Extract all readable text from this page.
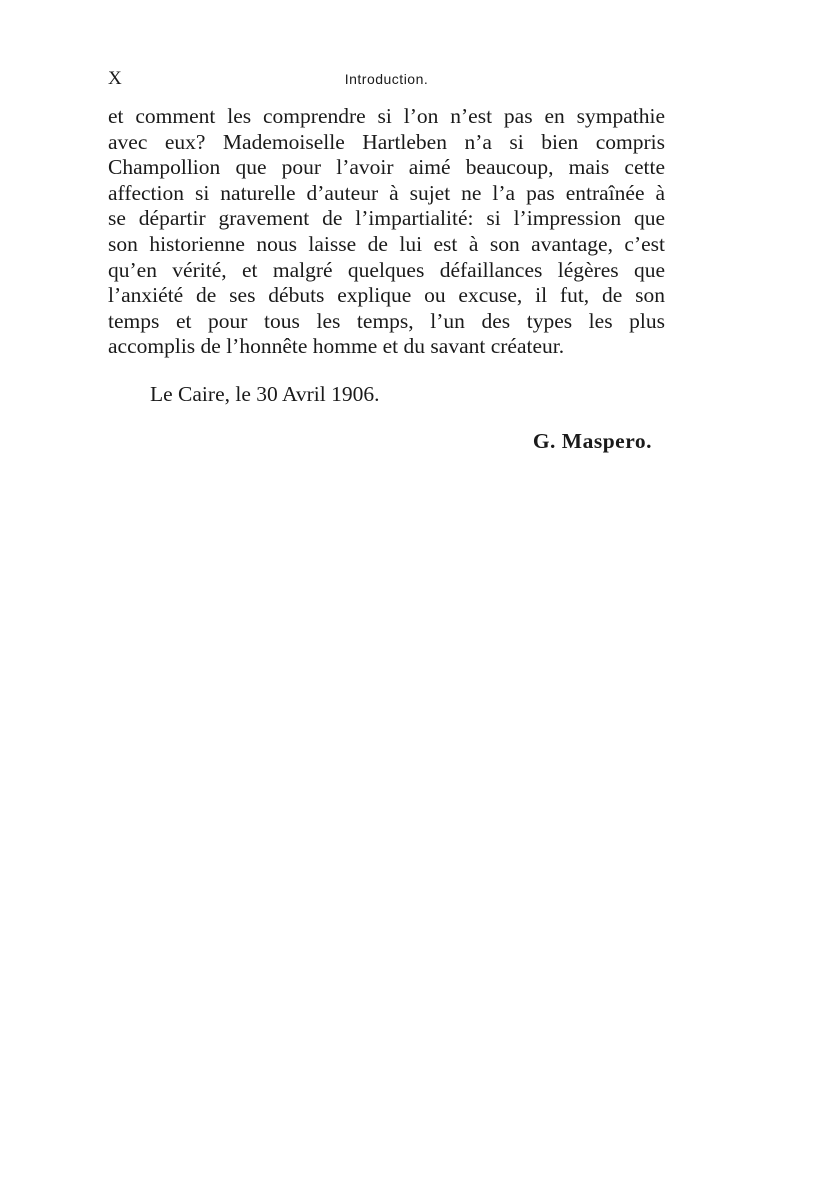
X	Introduction.
et comment les comprendre si l’on n’est pas en sympathie
avec eux? Mademoiselle Hartleben n’a si bien compris
Champollion que pour l’avoir aimé beaucoup, mais cette
affection si naturelle d’auteur à sujet ne l’a pas entraînée à
se départir gravement de l’impartialité: si l’impression que
son historienne nous laisse de lui est à son avantage, c’est
qu’en vérité, et malgré quelques défaillances légères que
l’anxiété de ses débuts explique ou excuse, il fut, de son
temps et pour tous les temps, l’un des types les plus
accomplis de l’honnête homme et du savant créateur.
Le Caire, le 30 Avril 1906.
G. Maspero.
